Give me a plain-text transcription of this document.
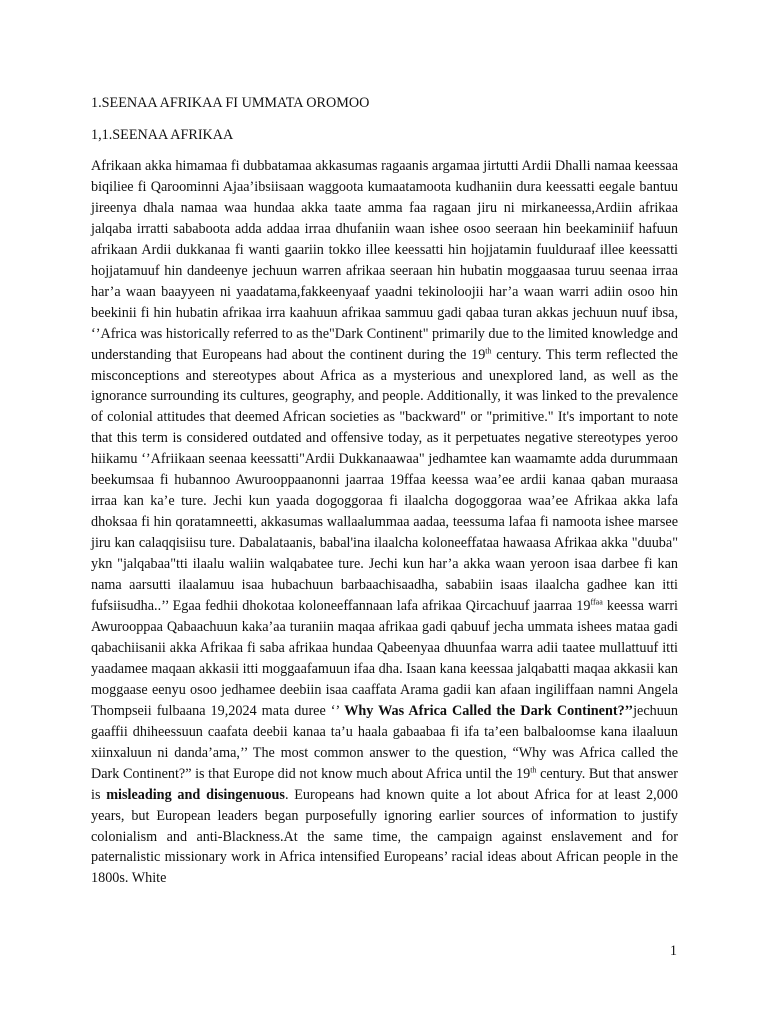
1.SEENAA AFRIKAA FI UMMATA OROMOO
1,1.SEENAA AFRIKAA

Afrikaan akka himamaa fi dubbatamaa akkasumas ragaanis argamaa jirtutti Ardii Dhalli namaa keessaa biqiliee fi Qaroominni Ajaa’ibsiisaan waggoota kumaatamoota kudhaniin dura keessatti eegale bantuu jireenya dhala namaa waa hundaa akka taate amma faa ragaan jiru ni mirkaneessa,Ardiin afrikaa jalqaba irratti sababoota adda addaa irraa dhufaniin waan ishee osoo seeraan hin beekaminiif hafuun afrikaan Ardii dukkanaa fi wanti gaariin tokko illee keessatti hin hojjatamin fuulduraaf illee keessatti hojjatamuuf hin dandeenye jechuun warren afrikaa seeraan hin hubatin moggaasaa turuu seenaa irraa har’a waan baayyeen ni yaadatama,fakkeenyaaf yaadni tekinoloojii har’a waan warri adiin osoo hin beekinii fi hin hubatin afrikaa irra kaahuun afrikaa sammuu gadi qabaa turan akkas jechuun nuuf ibsa, ‘’Africa was historically referred to as the"Dark Continent" primarily due to the limited knowledge and understanding that Europeans had about the continent during the 19th century. This term reflected the misconceptions and stereotypes about Africa as a mysterious and unexplored land, as well as the ignorance surrounding its cultures, geography, and people. Additionally, it was linked to the prevalence of colonial attitudes that deemed African societies as "backward" or "primitive." It's important to note that this term is considered outdated and offensive today, as it perpetuates negative stereotypes yeroo hiikamu ‘’Afriikaan seenaa keessatti"Ardii Dukkanaawaa" jedhamtee kan waamamte adda durummaan beekumsaa fi hubannoo Awurooppaanonni jaarraa 19ffaa keessa waa’ee ardii kanaa qaban muraasa irraa kan ka’e ture. Jechi kun yaada dogoggoraa fi ilaalcha dogoggoraa waa’ee Afrikaa akka lafa dhoksaa fi hin qoratamneetti, akkasumas wallaalummaa aadaa, teessuma lafaa fi namoota ishee marsee jiru kan calaqqisiisu ture. Dabalataanis, babal'ina ilaalcha koloneeffataa hawaasa Afrikaa akka "duuba" ykn "jalqabaa"tti ilaalu waliin walqabatee ture. Jechi kun har’a akka waan yeroon isaa darbee fi kan nama aarsutti ilaalamuu isaa hubachuun barbaachisaadha, sababiin isaas ilaalcha gadhee kan itti fufsiisudha..’’ Egaa fedhii dhokotaa koloneeffannaan lafa afrikaa Qircachuuf jaarraa $19^{ffaa}$ keessa warri Awurooppaa Qabaachuun kaka’aa turaniin maqaa afrikaa gadi qabuuf jecha ummata ishees mataa gadi qabachiisanii akka Afrikaa fi saba afrikaa hundaa Qabeenyaa dhuunfaa warra adii taatee mullattuuf itti yaadamee maqaan akkasii itti moggaafamuun ifaa dha. Isaan kana keessaa jalqabatti maqaa akkasii kan moggaase eenyu osoo jedhamee deebiin isaa caaffata Arama gadii kan afaan ingiliffaan namni Angela Thompseii fulbaana 19,2024 mata duree ‘’ Why Was Africa Called the Dark Continent?’’jechuun gaaffii dhiheessuun caafata deebii kanaa ta’u haala gabaabaa fi ifa ta’een balbaloomse kana ilaaluun xiinxaluun ni danda’ama,’’ The most common answer to the question, “Why was Africa called the Dark Continent?” is that Europe did not know much about Africa until the 19th century. But that answer is misleading and disingenuous. Europeans had known quite a lot about Africa for at least 2,000 years, but European leaders began purposefully ignoring earlier sources of information to justify colonialism and anti-Blackness.At the same time, the campaign against enslavement and for paternalistic missionary work in Africa intensified Europeans’ racial ideas about African people in the 1800s. White

1
